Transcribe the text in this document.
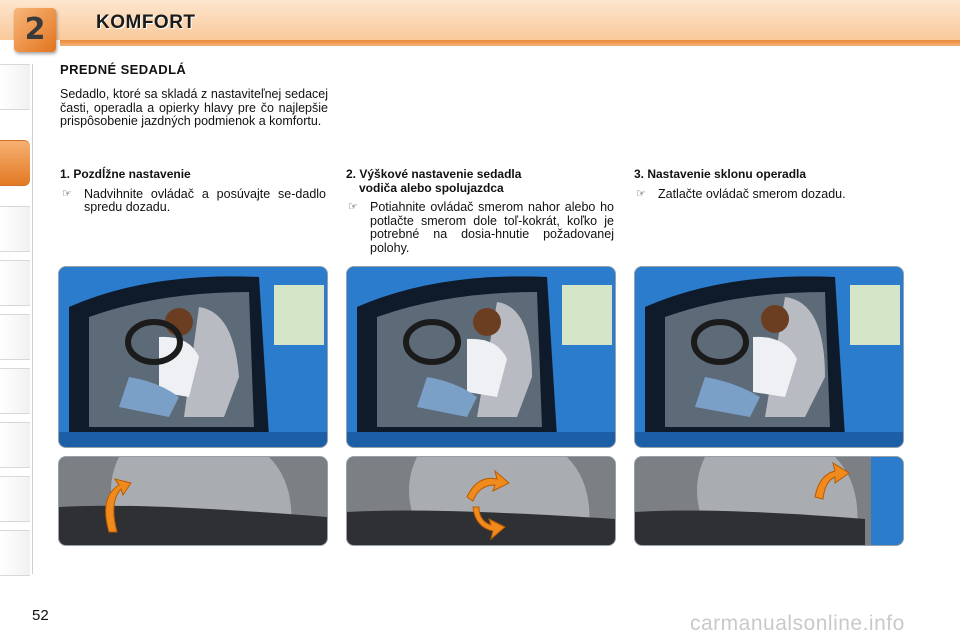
2	KOMFORT
PREDNÉ SEDADLÁ
Sedadlo, ktoré sa skladá z nastaviteľnej sedacej časti, operadla a opierky hlavy pre čo najlepšie prispôsobenie jazdných podmienok a komfortu.
1. Pozdĺžne nastavenie
☞ Nadvihnite ovládač a posúvajte se-dadlo spredu dozadu.
2. Výškové nastavenie sedadla
vodiča alebo spolujazdca
☞ Potiahnite ovládač smerom nahor alebo ho potlačte smerom dole toľ-kokrát, koľko je potrebné na dosia-hnutie požadovanej polohy.
3. Nastavenie sklonu operadla
☞ Zatlačte ovládač smerom dozadu.
52	carmanualsonline.info
